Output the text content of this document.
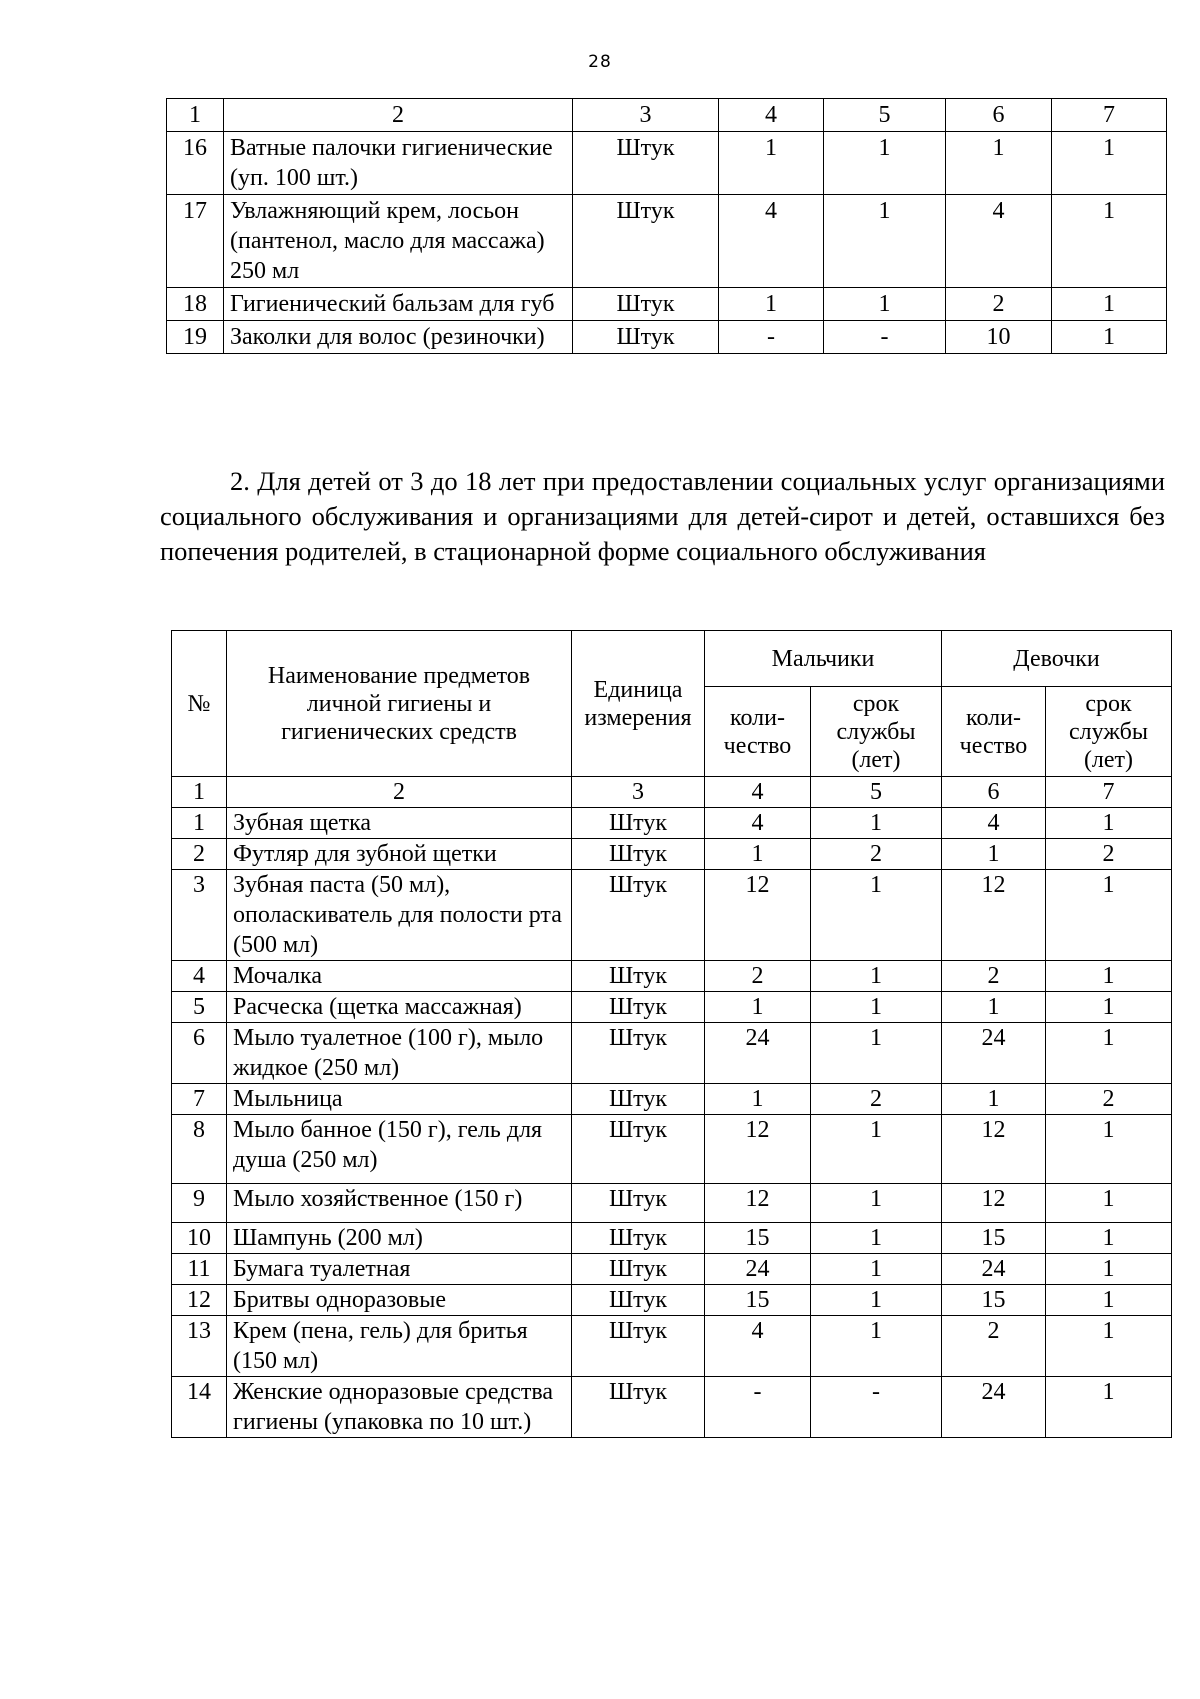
28
1	2	3	4	5	6	7
16	Ватные палочки гигиенические (уп. 100 шт.)	Штук	1	1	1	1
17	Увлажняющий крем, лосьон (пантенол, масло для массажа) 250 мл	Штук	4	1	4	1
18	Гигиенический бальзам для губ	Штук	1	1	2	1
19	Заколки для волос (резиночки)	Штук	-	-	10	1
2. Для детей от 3 до 18 лет при предоставлении социальных услуг организациями социального обслуживания и организациями для детей-сирот и детей, оставшихся без попечения родителей, в стационарной форме социального обслуживания
№	Наименование предметов личной гигиены и гигиенических средств	Единица измерения	Мальчики		Девочки	
			коли-чество	срок службы (лет)	коли-чество	срок службы (лет)
1	2	3	4	5	6	7
1	Зубная щетка	Штук	4	1	4	1
2	Футляр для зубной щетки	Штук	1	2	1	2
3	Зубная паста (50 мл), ополаскиватель для полости рта (500 мл)	Штук	12	1	12	1
4	Мочалка	Штук	2	1	2	1
5	Расческа (щетка массажная)	Штук	1	1	1	1
6	Мыло туалетное (100 г), мыло жидкое (250 мл)	Штук	24	1	24	1
7	Мыльница	Штук	1	2	1	2
8	Мыло банное (150 г), гель для душа (250 мл)	Штук	12	1	12	1
9	Мыло хозяйственное (150 г)	Штук	12	1	12	1
10	Шампунь (200 мл)	Штук	15	1	15	1
11	Бумага туалетная	Штук	24	1	24	1
12	Бритвы одноразовые	Штук	15	1	15	1
13	Крем (пена, гель) для бритья (150 мл)	Штук	4	1	2	1
14	Женские одноразовые средства гигиены (упаковка по 10 шт.)	Штук	-	-	24	1
